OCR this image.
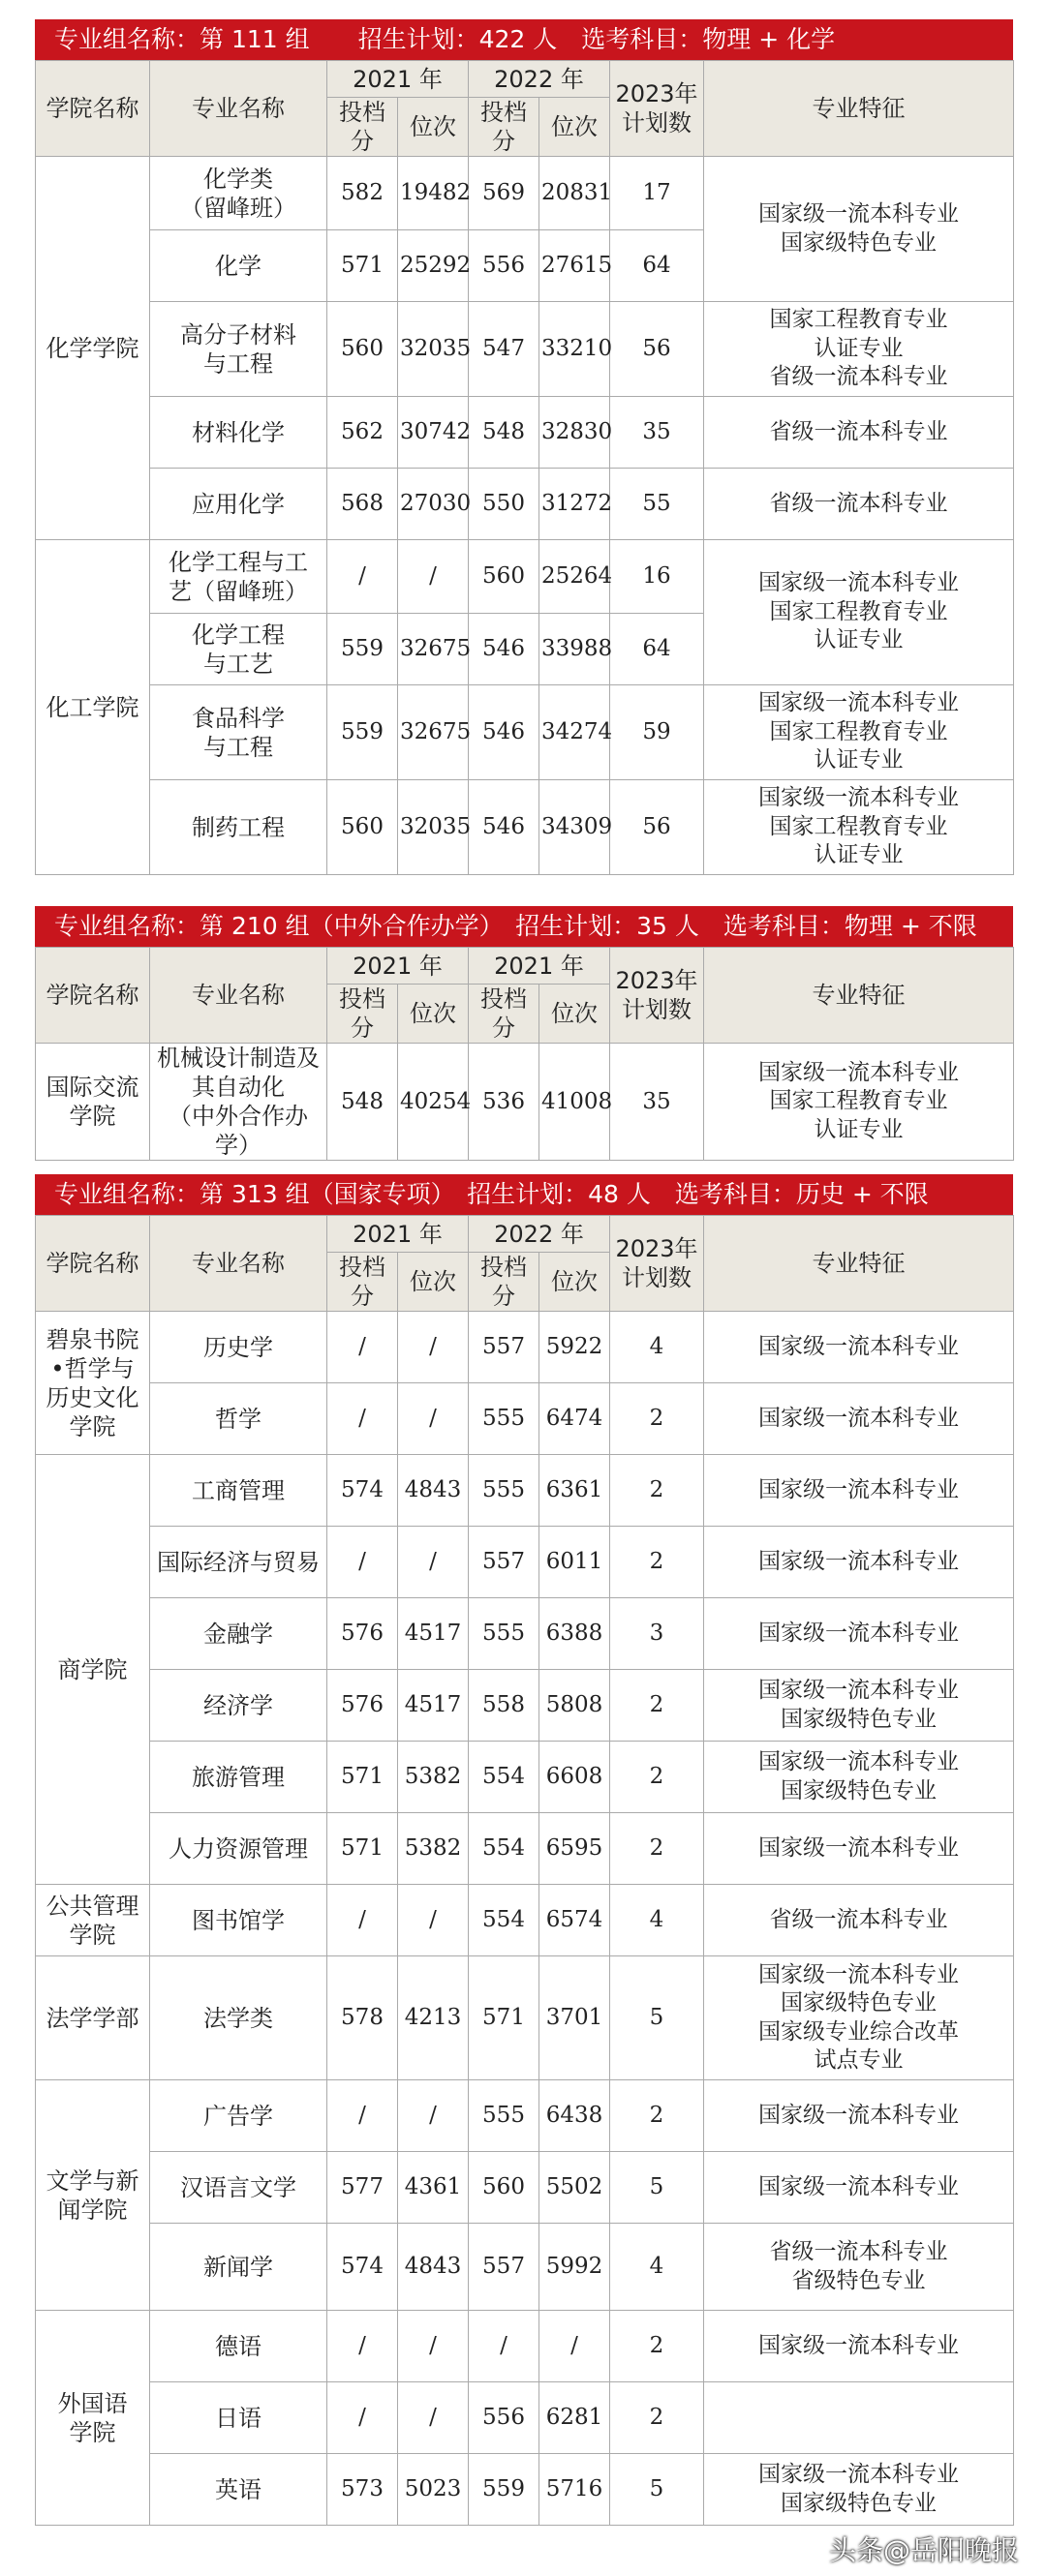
专业组名称：第 111 组　　招生计划：422 人　选考科目：物理 + 化学
学院名称	专业名称	2021 年		2022 年		2023年
计划数	专业特征
		投档分	位次	投档分	位次		
化学学院	化学类
（留峰班）	582	19482	569	20831	17	国家级一流本科专业
国家级特色专业
	化学	571	25292	556	27615	64	
	高分子材料
与工程	560	32035	547	33210	56	国家工程教育专业
认证专业
省级一流本科专业
	材料化学	562	30742	548	32830	35	省级一流本科专业
	应用化学	568	27030	550	31272	55	省级一流本科专业
化工学院	化学工程与工
艺（留峰班）	/	/	560	25264	16	国家级一流本科专业
国家工程教育专业
认证专业
	化学工程
与工艺	559	32675	546	33988	64	
	食品科学
与工程	559	32675	546	34274	59	国家级一流本科专业
国家工程教育专业
认证专业
	制药工程	560	32035	546	34309	56	国家级一流本科专业
国家工程教育专业
认证专业
专业组名称：第 210 组（中外合作办学）　招生计划：35 人　选考科目：物理 + 不限
学院名称	专业名称	2021 年		2021 年		2023年
计划数	专业特征
		投档分	位次	投档分	位次		
国际交流
学院	机械设计制造及
其自动化
（中外合作办学）	548	40254	536	41008	35	国家级一流本科专业
国家工程教育专业
认证专业
专业组名称：第 313 组（国家专项）　招生计划：48 人　选考科目：历史 + 不限
学院名称	专业名称	2021 年		2022 年		2023年
计划数	专业特征
		投档分	位次	投档分	位次		
碧泉书院
•哲学与
历史文化
学院	历史学	/	/	557	5922	4	国家级一流本科专业
	哲学	/	/	555	6474	2	国家级一流本科专业
商学院	工商管理	574	4843	555	6361	2	国家级一流本科专业
	国际经济与贸易	/	/	557	6011	2	国家级一流本科专业
	金融学	576	4517	555	6388	3	国家级一流本科专业
	经济学	576	4517	558	5808	2	国家级一流本科专业
国家级特色专业
	旅游管理	571	5382	554	6608	2	国家级一流本科专业
国家级特色专业
	人力资源管理	571	5382	554	6595	2	国家级一流本科专业
公共管理
学院	图书馆学	/	/	554	6574	4	省级一流本科专业
法学学部	法学类	578	4213	571	3701	5	国家级一流本科专业
国家级特色专业
国家级专业综合改革
试点专业
文学与新
闻学院	广告学	/	/	555	6438	2	国家级一流本科专业
	汉语言文学	577	4361	560	5502	5	国家级一流本科专业
	新闻学	574	4843	557	5992	4	省级一流本科专业
省级特色专业
外国语
学院	德语	/	/	/	/	2	国家级一流本科专业
	日语	/	/	556	6281	2	
	英语	573	5023	559	5716	5	国家级一流本科专业
国家级特色专业
头条@岳阳晚报
